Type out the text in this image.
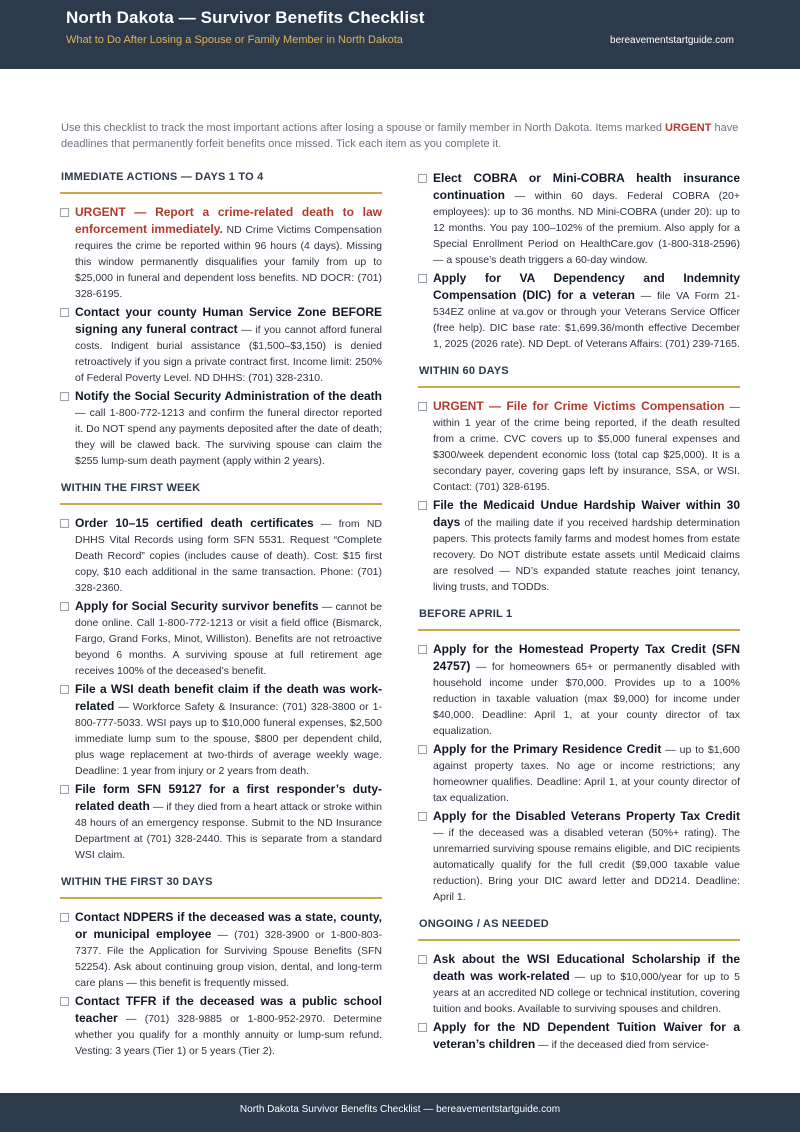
North Dakota — Survivor Benefits Checklist
What to Do After Losing a Spouse or Family Member in North Dakota	bereavementstartguide.com
Use this checklist to track the most important actions after losing a spouse or family member in North Dakota. Items marked URGENT have deadlines that permanently forfeit benefits once missed. Tick each item as you complete it.
IMMEDIATE ACTIONS — DAYS 1 TO 4
URGENT — Report a crime-related death to law enforcement immediately. ND Crime Victims Compensation requires the crime be reported within 96 hours (4 days). Missing this window permanently disqualifies your family from up to $25,000 in funeral and dependent loss benefits. ND DOCR: (701) 328-6195.
Contact your county Human Service Zone BEFORE signing any funeral contract — if you cannot afford funeral costs. Indigent burial assistance ($1,500–$3,150) is denied retroactively if you sign a private contract first. Income limit: 250% of Federal Poverty Level. ND DHHS: (701) 328-2310.
Notify the Social Security Administration of the death — call 1-800-772-1213 and confirm the funeral director reported it. Do NOT spend any payments deposited after the date of death; they will be clawed back. The surviving spouse can claim the $255 lump-sum death payment (apply within 2 years).
WITHIN THE FIRST WEEK
Order 10–15 certified death certificates — from ND DHHS Vital Records using form SFN 5531. Request “Complete Death Record” copies (includes cause of death). Cost: $15 first copy, $10 each additional in the same transaction. Phone: (701) 328-2360.
Apply for Social Security survivor benefits — cannot be done online. Call 1-800-772-1213 or visit a field office (Bismarck, Fargo, Grand Forks, Minot, Williston). Benefits are not retroactive beyond 6 months. A surviving spouse at full retirement age receives 100% of the deceased’s benefit.
File a WSI death benefit claim if the death was work-related — Workforce Safety & Insurance: (701) 328-3800 or 1-800-777-5033. WSI pays up to $10,000 funeral expenses, $2,500 immediate lump sum to the spouse, $800 per dependent child, plus wage replacement at two-thirds of average weekly wage. Deadline: 1 year from injury or 2 years from death.
File form SFN 59127 for a first responder’s duty-related death — if they died from a heart attack or stroke within 48 hours of an emergency response. Submit to the ND Insurance Department at (701) 328-2440. This is separate from a standard WSI claim.
WITHIN THE FIRST 30 DAYS
Contact NDPERS if the deceased was a state, county, or municipal employee — (701) 328-3900 or 1-800-803-7377. File the Application for Surviving Spouse Benefits (SFN 52254). Ask about continuing group vision, dental, and long-term care plans — this benefit is frequently missed.
Contact TFFR if the deceased was a public school teacher — (701) 328-9885 or 1-800-952-2970. Determine whether you qualify for a monthly annuity or lump-sum refund. Vesting: 3 years (Tier 1) or 5 years (Tier 2).
Elect COBRA or Mini-COBRA health insurance continuation — within 60 days. Federal COBRA (20+ employees): up to 36 months. ND Mini-COBRA (under 20): up to 12 months. You pay 100–102% of the premium. Also apply for a Special Enrollment Period on HealthCare.gov (1-800-318-2596) — a spouse’s death triggers a 60-day window.
Apply for VA Dependency and Indemnity Compensation (DIC) for a veteran — file VA Form 21-534EZ online at va.gov or through your Veterans Service Officer (free help). DIC base rate: $1,699.36/month effective December 1, 2025 (2026 rate). ND Dept. of Veterans Affairs: (701) 239-7165.
WITHIN 60 DAYS
URGENT — File for Crime Victims Compensation — within 1 year of the crime being reported, if the death resulted from a crime. CVC covers up to $5,000 funeral expenses and $300/week dependent economic loss (total cap $25,000). It is a secondary payer, covering gaps left by insurance, SSA, or WSI. Contact: (701) 328-6195.
File the Medicaid Undue Hardship Waiver within 30 days of the mailing date if you received hardship determination papers. This protects family farms and modest homes from estate recovery. Do NOT distribute estate assets until Medicaid claims are resolved — ND’s expanded statute reaches joint tenancy, living trusts, and TODDs.
BEFORE APRIL 1
Apply for the Homestead Property Tax Credit (SFN 24757) — for homeowners 65+ or permanently disabled with household income under $70,000. Provides up to a 100% reduction in taxable valuation (max $9,000) for income under $40,000. Deadline: April 1, at your county director of tax equalization.
Apply for the Primary Residence Credit — up to $1,600 against property taxes. No age or income restrictions; any homeowner qualifies. Deadline: April 1, at your county director of tax equalization.
Apply for the Disabled Veterans Property Tax Credit — if the deceased was a disabled veteran (50%+ rating). The unremarried surviving spouse remains eligible, and DIC recipients automatically qualify for the full credit ($9,000 taxable value reduction). Bring your DIC award letter and DD214. Deadline: April 1.
ONGOING / AS NEEDED
Ask about the WSI Educational Scholarship if the death was work-related — up to $10,000/year for up to 5 years at an accredited ND college or technical institution, covering tuition and books. Available to surviving spouses and children.
Apply for the ND Dependent Tuition Waiver for a veteran’s children — if the deceased died from service-
North Dakota Survivor Benefits Checklist — bereavementstartguide.com
